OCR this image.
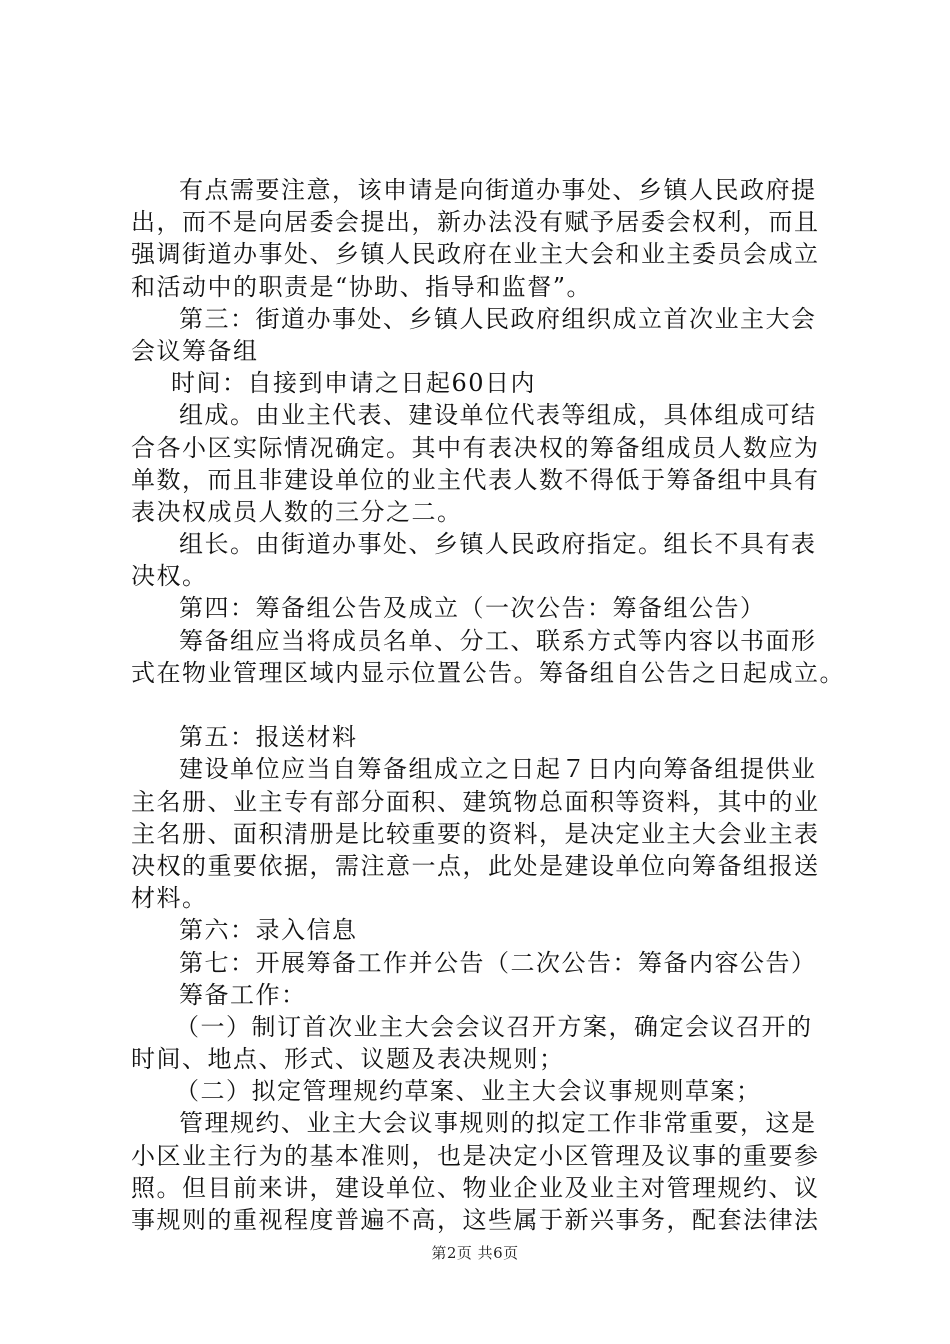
有点需要注意，该申请是向街道办事处、乡镇人民政府提
出，而不是向居委会提出，新办法没有赋予居委会权利，而且
强调街道办事处、乡镇人民政府在业主大会和业主委员会成立
和活动中的职责是“协助、指导和监督”。
第三：街道办事处、乡镇人民政府组织成立首次业主大会
会议筹备组
时间：自接到申请之日起60日内
组成。由业主代表、建设单位代表等组成，具体组成可结
合各小区实际情况确定。其中有表决权的筹备组成员人数应为
单数，而且非建设单位的业主代表人数不得低于筹备组中具有
表决权成员人数的三分之二。
组长。由街道办事处、乡镇人民政府指定。组长不具有表
决权。
第四：筹备组公告及成立（一次公告：筹备组公告）
筹备组应当将成员名单、分工、联系方式等内容以书面形
式在物业管理区域内显示位置公告。筹备组自公告之日起成立。
第五：报送材料
建设单位应当自筹备组成立之日起７日内向筹备组提供业
主名册、业主专有部分面积、建筑物总面积等资料，其中的业
主名册、面积清册是比较重要的资料，是决定业主大会业主表
决权的重要依据，需注意一点，此处是建设单位向筹备组报送
材料。
第六：录入信息
第七：开展筹备工作并公告（二次公告：筹备内容公告）
筹备工作：
（一）制订首次业主大会会议召开方案，确定会议召开的
时间、地点、形式、议题及表决规则；
（二）拟定管理规约草案、业主大会议事规则草案；
管理规约、业主大会议事规则的拟定工作非常重要，这是
小区业主行为的基本准则，也是决定小区管理及议事的重要参
照。但目前来讲，建设单位、物业企业及业主对管理规约、议
事规则的重视程度普遍不高，这些属于新兴事务，配套法律法
第2页 共6页
